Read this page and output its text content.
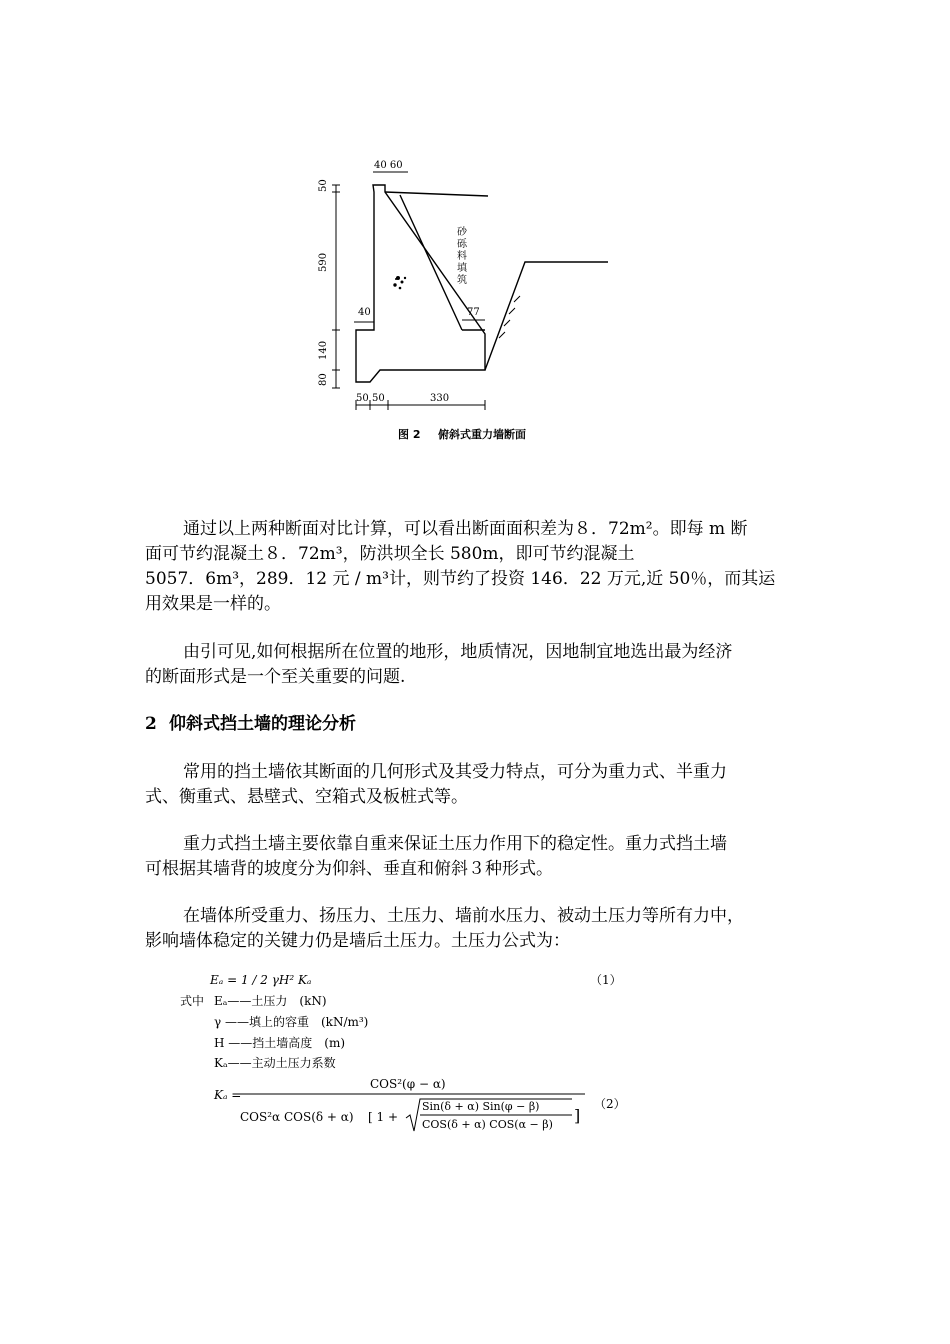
40 60
50
590
140
80
40	77
50 50	330
砂砾料填筑
图 2 俯斜式重力墙断面

通过以上两种断面对比计算，可以看出断面面积差为８．72m²。即每 m 断
面可节约混凝土８．72m³，防洪坝全长 580m，即可节约混凝土
5057．6m³，289．12 元 / m³计，则节约了投资 146．22 万元,近 50％，而其运
用效果是一样的。

由引可见,如何根据所在位置的地形，地质情况，因地制宜地选出最为经济
的断面形式是一个至关重要的问题.

2 仰斜式挡土墙的理论分析

常用的挡土墙依其断面的几何形式及其受力特点，可分为重力式、半重力
式、衡重式、悬壁式、空箱式及板桩式等。

重力式挡土墙主要依靠自重来保证土压力作用下的稳定性。重力式挡土墙
可根据其墙背的坡度分为仰斜、垂直和俯斜３种形式。

在墙体所受重力、扬压力、土压力、墙前水压力、被动土压力等所有力中，
影响墙体稳定的关键力仍是墙后土压力。土压力公式为：

Eₐ = 1 / 2 γH² Kₐ	（1）
式中 Eₐ——土压力　(kN)
γ ——填上的容重　(kN/m³)
H ——挡土墙高度　(m)
Kₐ——主动土压力系数
Kₐ =
COS²(φ − α)
COS²α COS(δ + α) [ 1 +
Sin(δ + α) Sin(φ − β)
COS(δ + α) COS(α − β) ]
（2）
